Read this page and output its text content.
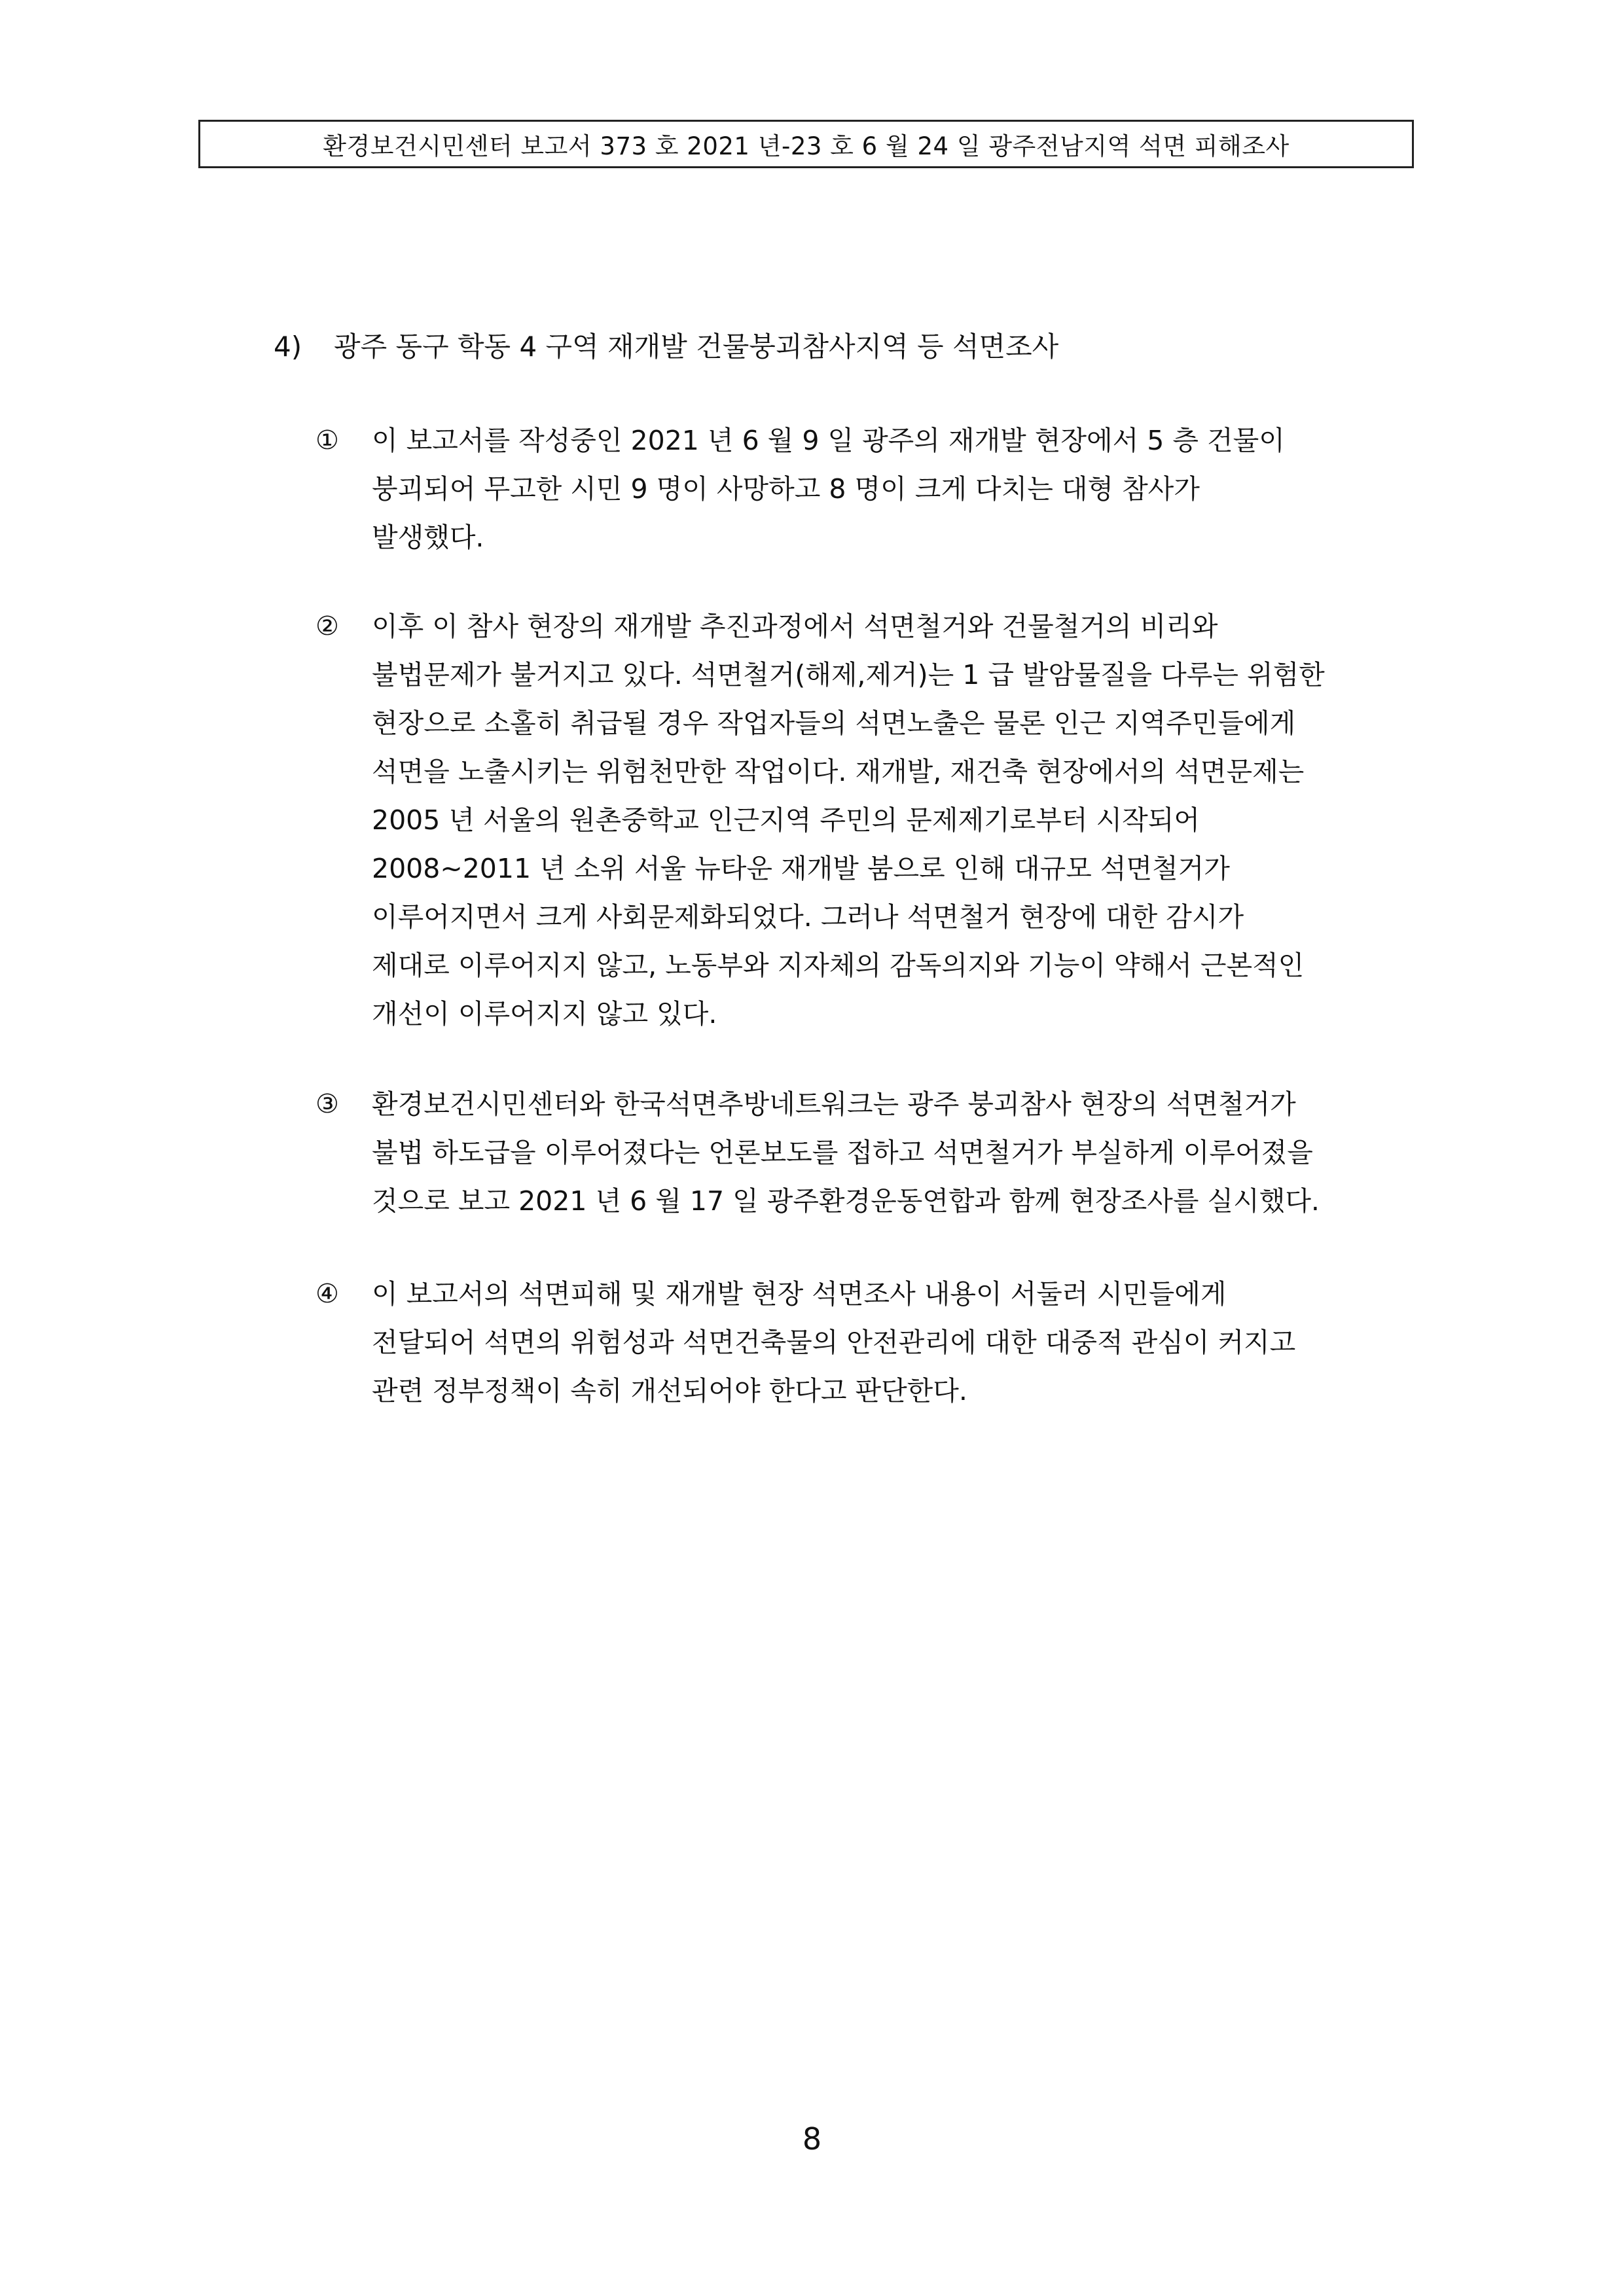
환경보건시민센터 보고서 373 호 2021 년-23 호 6 월 24 일 광주전남지역 석면 피해조사
4) 광주 동구 학동 4 구역 재개발 건물붕괴참사지역 등 석면조사
①	이 보고서를 작성중인 2021 년 6 월 9 일 광주의 재개발 현장에서 5 층 건물이
붕괴되어 무고한 시민 9 명이 사망하고 8 명이 크게 다치는 대형 참사가
발생했다.
②	이후 이 참사 현장의 재개발 추진과정에서 석면철거와 건물철거의 비리와
불법문제가 불거지고 있다. 석면철거(해제,제거)는 1 급 발암물질을 다루는 위험한
현장으로 소홀히 취급될 경우 작업자들의 석면노출은 물론 인근 지역주민들에게
석면을 노출시키는 위험천만한 작업이다. 재개발, 재건축 현장에서의 석면문제는
2005 년 서울의 원촌중학교 인근지역 주민의 문제제기로부터 시작되어
2008~2011 년 소위 서울 뉴타운 재개발 붐으로 인해 대규모 석면철거가
이루어지면서 크게 사회문제화되었다. 그러나 석면철거 현장에 대한 감시가
제대로 이루어지지 않고, 노동부와 지자체의 감독의지와 기능이 약해서 근본적인
개선이 이루어지지 않고 있다.
③	환경보건시민센터와 한국석면추방네트워크는 광주 붕괴참사 현장의 석면철거가
불법 하도급을 이루어졌다는 언론보도를 접하고 석면철거가 부실하게 이루어졌을
것으로 보고 2021 년 6 월 17 일 광주환경운동연합과 함께 현장조사를 실시했다.
④	이 보고서의 석면피해 및 재개발 현장 석면조사 내용이 서둘러 시민들에게
전달되어 석면의 위험성과 석면건축물의 안전관리에 대한 대중적 관심이 커지고
관련 정부정책이 속히 개선되어야 한다고 판단한다.
8
